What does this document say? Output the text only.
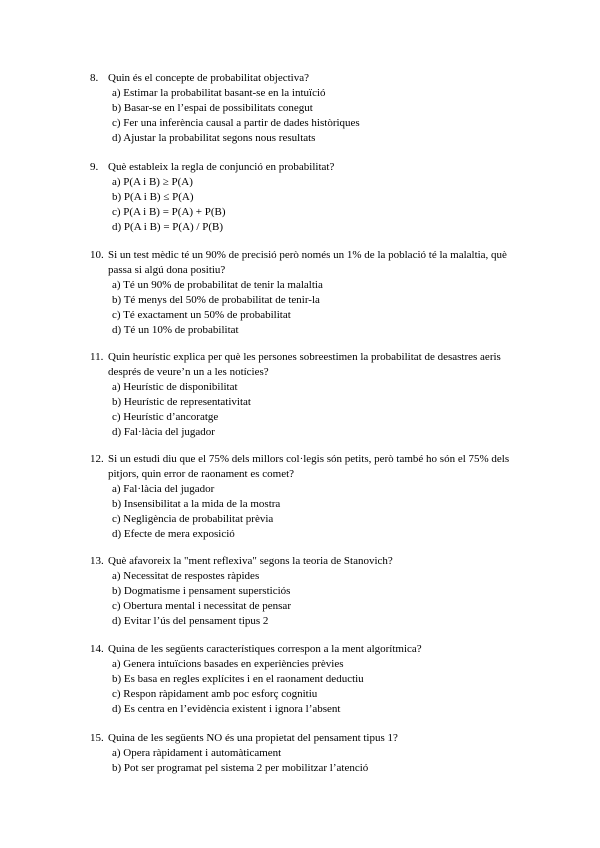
8. Quin és el concepte de probabilitat objectiva?
a) Estimar la probabilitat basant-se en la intuïció
b) Basar-se en l’espai de possibilitats conegut
c) Fer una inferència causal a partir de dades històriques
d) Ajustar la probabilitat segons nous resultats
9. Què estableix la regla de conjunció en probabilitat?
a) P(A i B) ≥ P(A)
b) P(A i B) ≤ P(A)
c) P(A i B) = P(A) + P(B)
d) P(A i B) = P(A) / P(B)
10. Si un test mèdic té un 90% de precisió però només un 1% de la població té la malaltia, què passa si algú dona positiu?
a) Té un 90% de probabilitat de tenir la malaltia
b) Té menys del 50% de probabilitat de tenir-la
c) Té exactament un 50% de probabilitat
d) Té un 10% de probabilitat
11. Quin heurístic explica per què les persones sobreestimen la probabilitat de desastres aeris després de veure’n un a les notícies?
a) Heurístic de disponibilitat
b) Heurístic de representativitat
c) Heurístic d’ancoratge
d) Fal·làcia del jugador
12. Si un estudi diu que el 75% dels millors col·legis són petits, però també ho són el 75% dels pitjors, quin error de raonament es comet?
a) Fal·làcia del jugador
b) Insensibilitat a la mida de la mostra
c) Negligència de probabilitat prèvia
d) Efecte de mera exposició
13. Què afavoreix la "ment reflexiva" segons la teoria de Stanovich?
a) Necessitat de respostes ràpides
b) Dogmatisme i pensament supersticiós
c) Obertura mental i necessitat de pensar
d) Evitar l’ús del pensament tipus 2
14. Quina de les següents característiques correspon a la ment algorítmica?
a) Genera intuïcions basades en experiències prèvies
b) Es basa en regles explícites i en el raonament deductiu
c) Respon ràpidament amb poc esforç cognitiu
d) Es centra en l’evidència existent i ignora l’absent
15. Quina de les següents NO és una propietat del pensament tipus 1?
a) Opera ràpidament i automàticament
b) Pot ser programat pel sistema 2 per mobilitzar l’atenció
